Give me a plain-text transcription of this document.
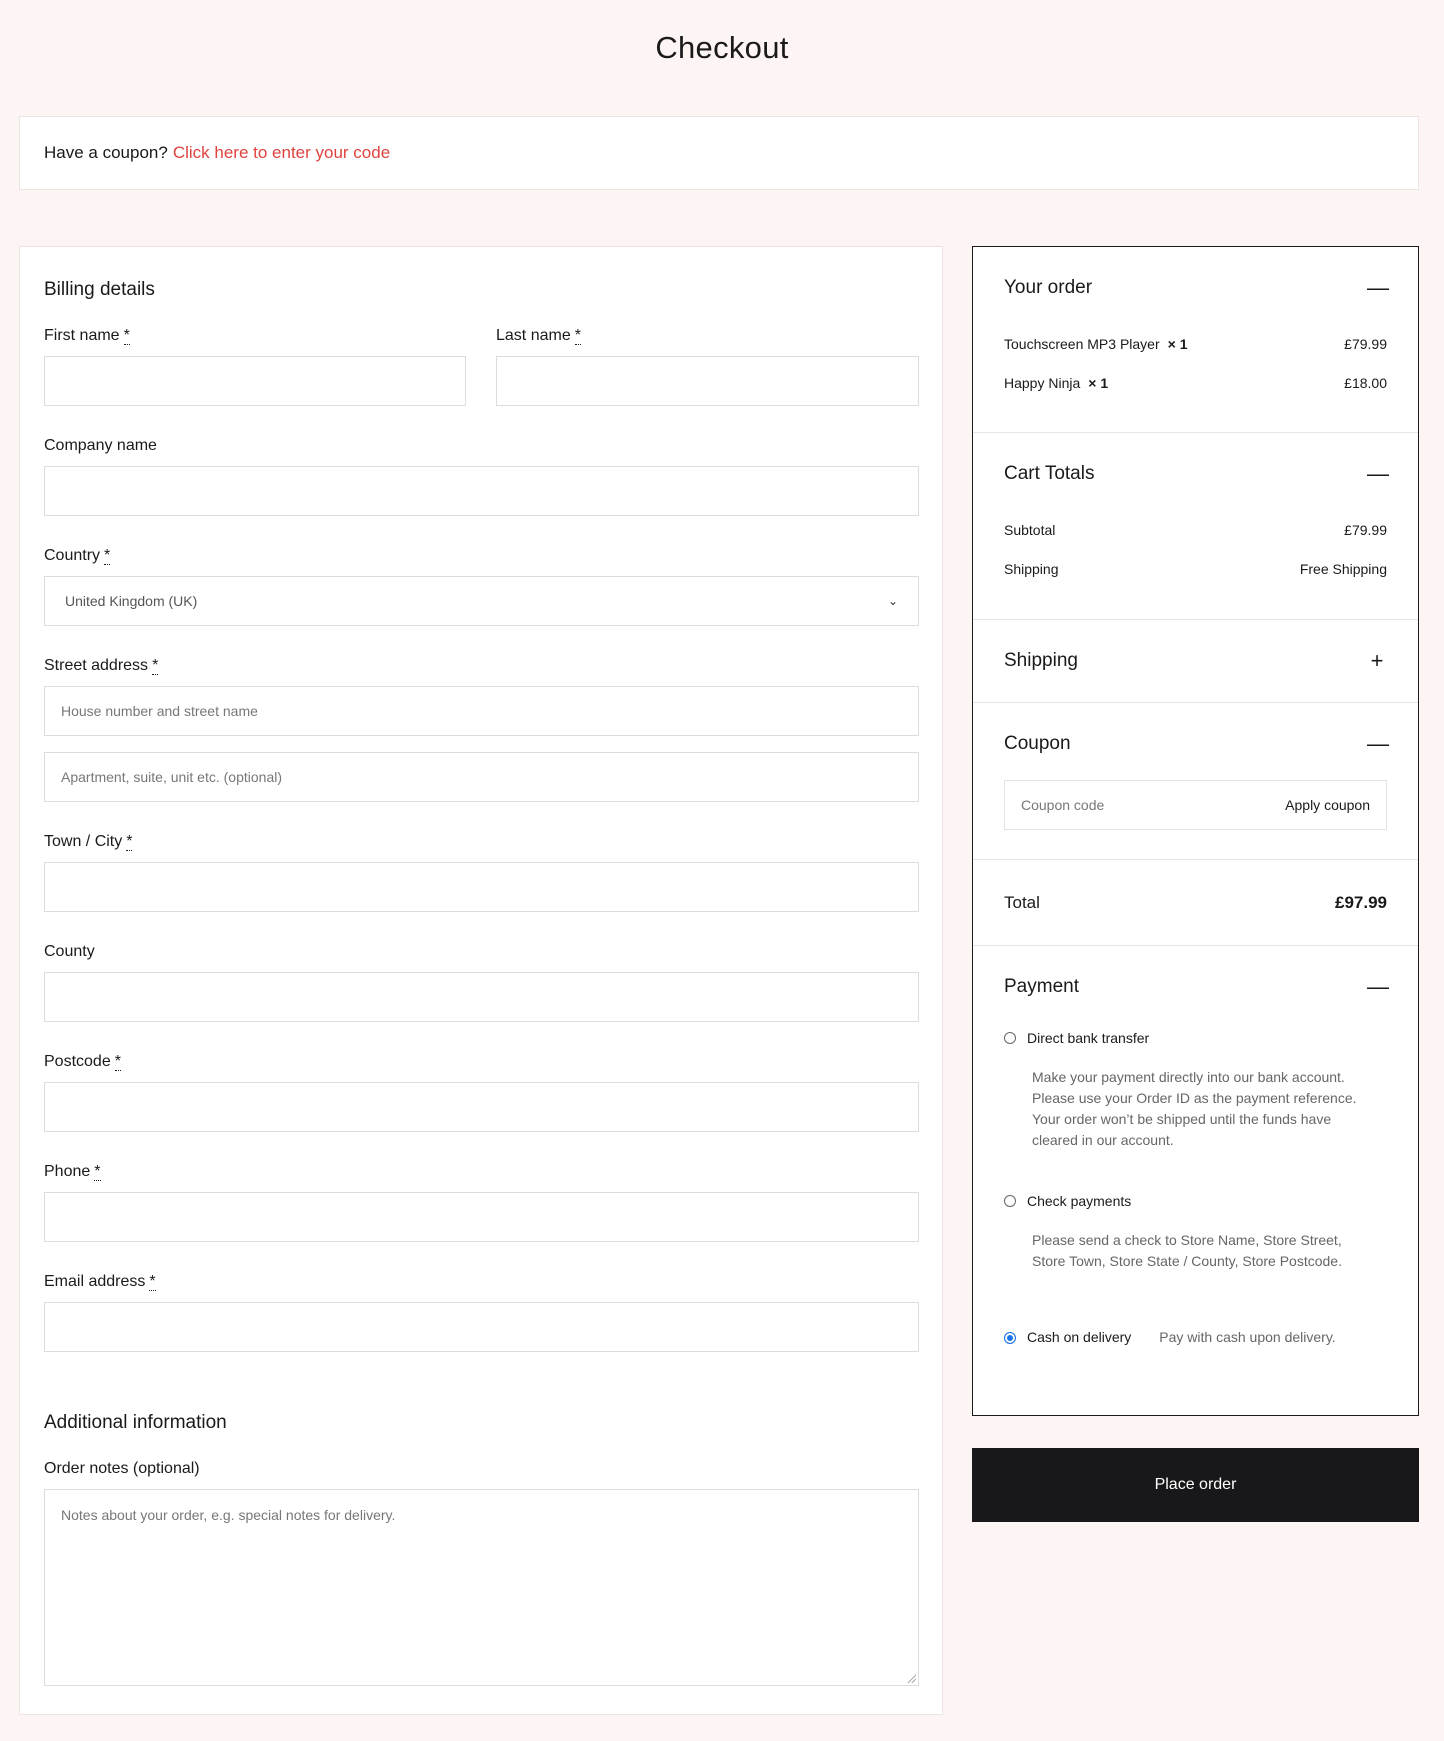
Checkout
Have a coupon? Click here to enter your code
Billing details
First name *	Last name *
Company name
Country *
United Kingdom (UK)	⌄
Street address *
House number and street name
Apartment, suite, unit etc. (optional)
Town / City *
County
Postcode *
Phone *
Email address *
Additional information
Order notes (optional)
Notes about your order, e.g. special notes for delivery.
Your order	—
Touchscreen MP3 Player × 1	£79.99
Happy Ninja × 1	£18.00
Cart Totals	—
Subtotal	£79.99
Shipping	Free Shipping
Shipping	+
Coupon	—
Coupon code	Apply coupon
Total	£97.99
Payment	—
Direct bank transfer
Make your payment directly into our bank account. Please use your Order ID as the payment reference. Your order won’t be shipped until the funds have cleared in our account.
Check payments
Please send a check to Store Name, Store Street, Store Town, Store State / County, Store Postcode.
Cash on delivery Pay with cash upon delivery.
Place order
